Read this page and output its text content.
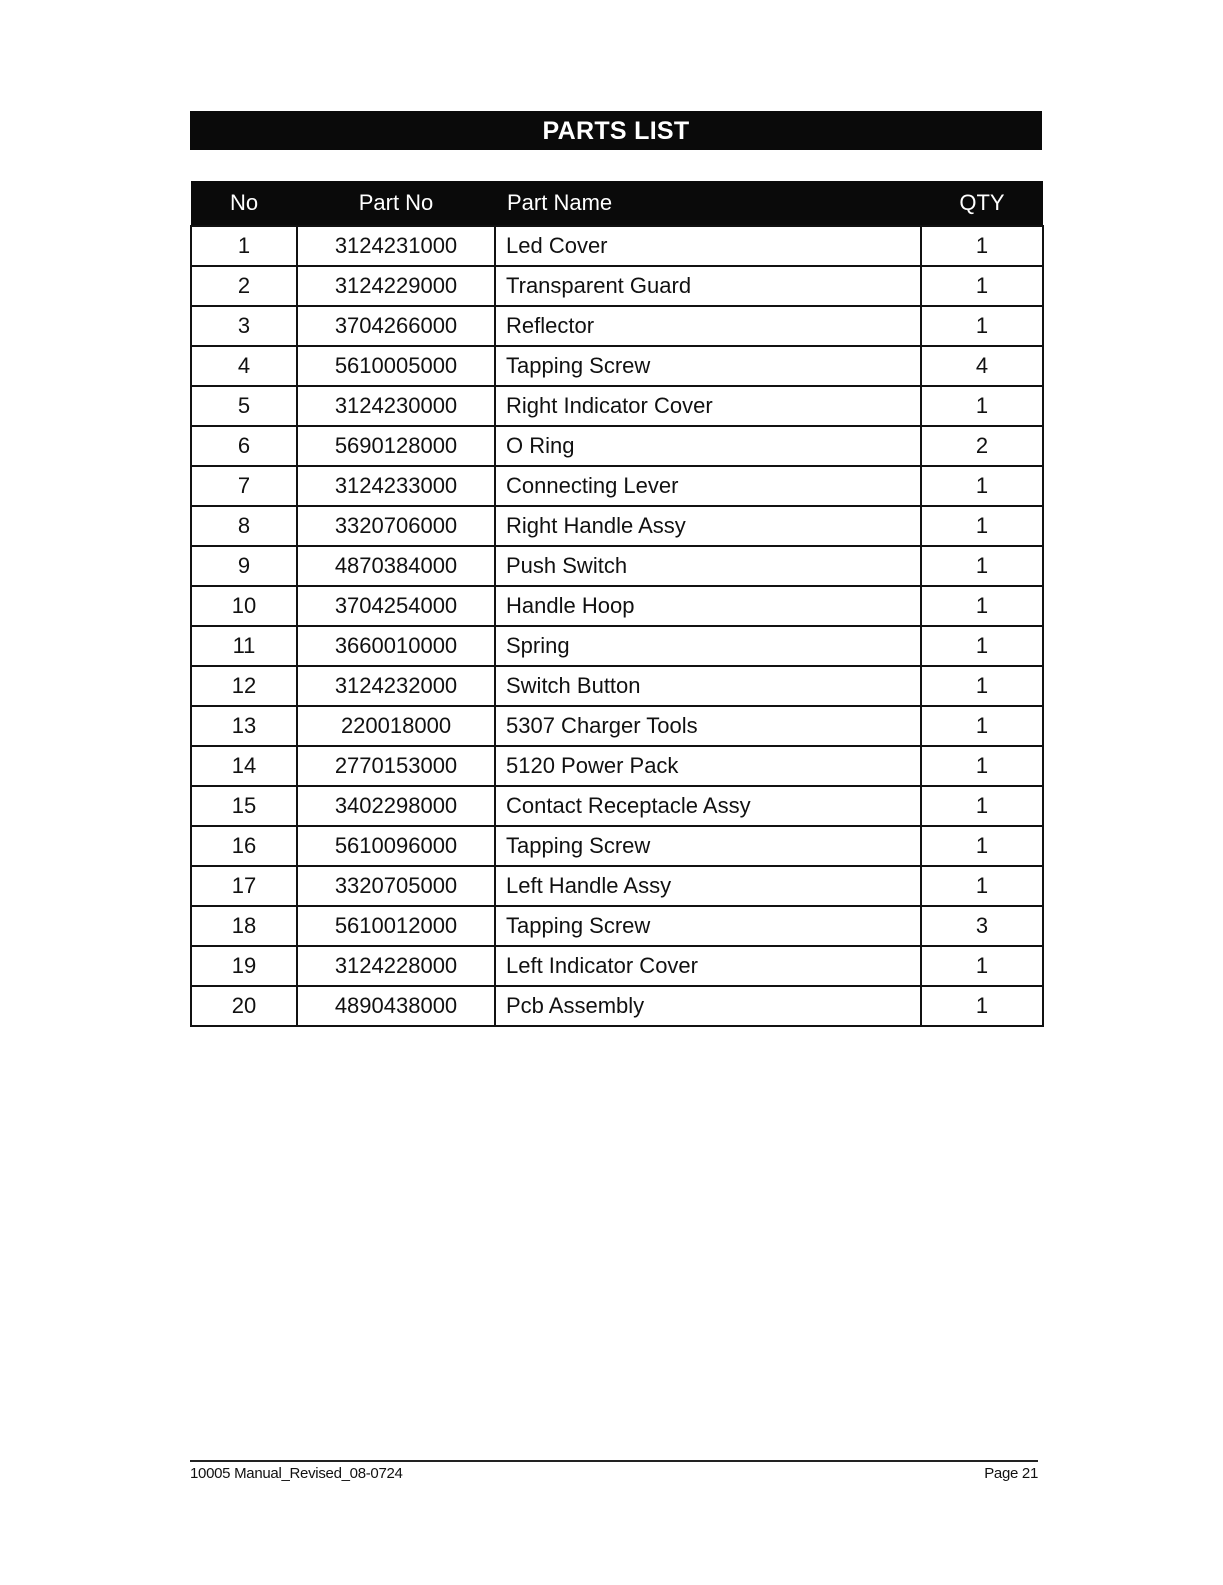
PARTS LIST
No	Part No	Part Name	QTY
1	3124231000	Led Cover	1
2	3124229000	Transparent Guard	1
3	3704266000	Reflector	1
4	5610005000	Tapping Screw	4
5	3124230000	Right Indicator Cover	1
6	5690128000	O Ring	2
7	3124233000	Connecting Lever	1
8	3320706000	Right Handle Assy	1
9	4870384000	Push Switch	1
10	3704254000	Handle Hoop	1
11	3660010000	Spring	1
12	3124232000	Switch Button	1
13	220018000	5307 Charger Tools	1
14	2770153000	5120 Power Pack	1
15	3402298000	Contact Receptacle Assy	1
16	5610096000	Tapping Screw	1
17	3320705000	Left Handle Assy	1
18	5610012000	Tapping Screw	3
19	3124228000	Left Indicator Cover	1
20	4890438000	Pcb Assembly	1
10005 Manual_Revised_08-0724	Page 21
